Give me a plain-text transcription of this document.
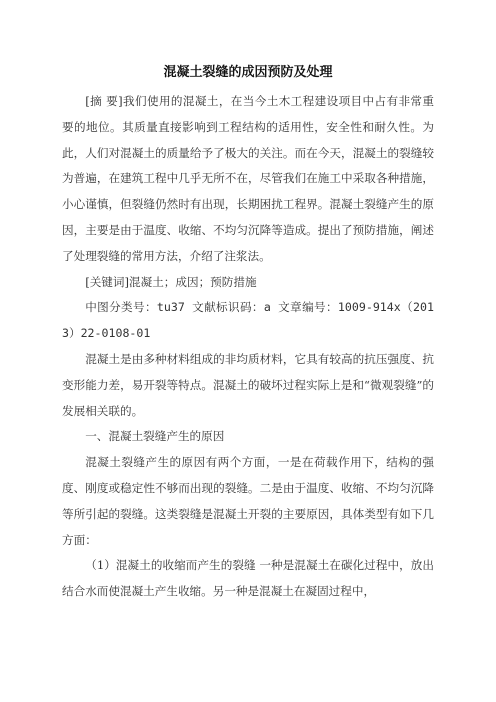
混凝土裂缝的成因预防及处理

[摘 要]我们使用的混凝土，在当今土木工程建设项目中占有非常重要的地位。其质量直接影响到工程结构的适用性，安全性和耐久性。为此，人们对混凝土的质量给予了极大的关注。而在今天，混凝土的裂缝较为普遍，在建筑工程中几乎无所不在，尽管我们在施工中采取各种措施，小心谨慎，但裂缝仍然时有出现，长期困扰工程界。混凝土裂缝产生的原因，主要是由于温度、收缩、不均匀沉降等造成。提出了预防措施，阐述了处理裂缝的常用方法，介绍了注浆法。

[关键词]混凝土；成因；预防措施

中图分类号：tu37 文献标识码：a 文章编号：1009-914x（2013）22-0108-01

混凝土是由多种材料组成的非均质材料，它具有较高的抗压强度、抗变形能力差，易开裂等特点。混凝土的破坏过程实际上是和“微观裂缝”的发展相关联的。

一、混凝土裂缝产生的原因

混凝土裂缝产生的原因有两个方面，一是在荷载作用下，结构的强度、刚度或稳定性不够而出现的裂缝。二是由于温度、收缩、不均匀沉降等所引起的裂缝。这类裂缝是混凝土开裂的主要原因，具体类型有如下几方面：

（1）混凝土的收缩而产生的裂缝 一种是混凝土在碳化过程中，放出结合水而使混凝土产生收缩。另一种是混凝土在凝固过程中，
